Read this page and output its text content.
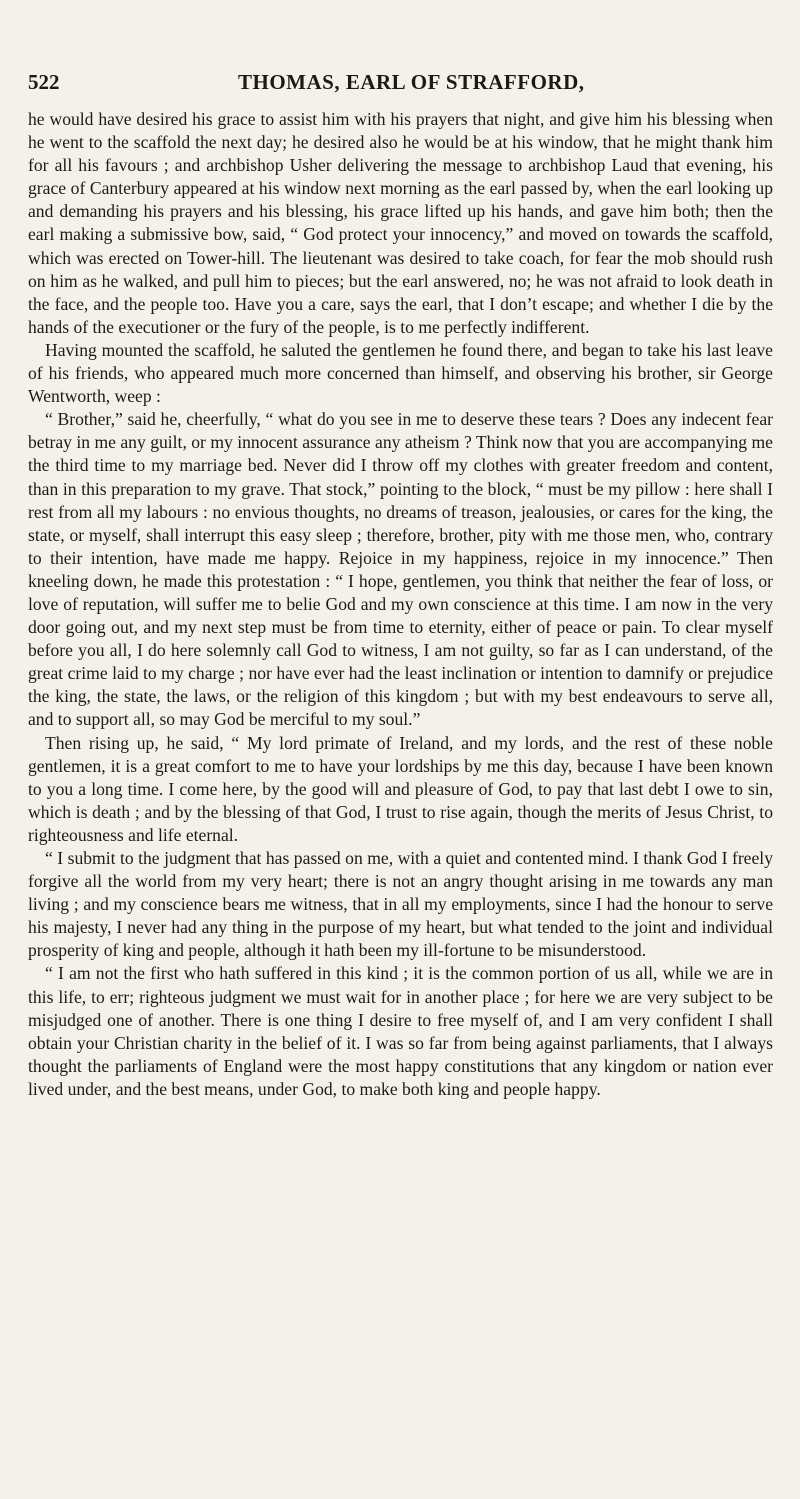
522	THOMAS, EARL OF STRAFFORD,

he would have desired his grace to assist him with his prayers that night, and give him his blessing when he went to the scaffold the next day; he desired also he would be at his window, that he might thank him for all his favours ; and archbishop Usher delivering the message to archbishop Laud that evening, his grace of Canterbury appeared at his window next morning as the earl passed by, when the earl looking up and demanding his prayers and his blessing, his grace lifted up his hands, and gave him both; then the earl making a submissive bow, said, “ God protect your innocency,” and moved on towards the scaffold, which was erected on Tower-hill. The lieutenant was desired to take coach, for fear the mob should rush on him as he walked, and pull him to pieces; but the earl answered, no; he was not afraid to look death in the face, and the people too. Have you a care, says the earl, that I don’t escape; and whether I die by the hands of the executioner or the fury of the people, is to me perfectly indifferent.

Having mounted the scaffold, he saluted the gentlemen he found there, and began to take his last leave of his friends, who appeared much more concerned than himself, and observing his brother, sir George Wentworth, weep :

“ Brother,” said he, cheerfully, “ what do you see in me to deserve these tears ? Does any indecent fear betray in me any guilt, or my innocent assurance any atheism ? Think now that you are accompanying me the third time to my marriage bed. Never did I throw off my clothes with greater freedom and content, than in this preparation to my grave. That stock,” pointing to the block, “ must be my pillow : here shall I rest from all my labours : no envious thoughts, no dreams of treason, jealousies, or cares for the king, the state, or myself, shall interrupt this easy sleep ; therefore, brother, pity with me those men, who, contrary to their intention, have made me happy. Rejoice in my happiness, rejoice in my innocence.” Then kneeling down, he made this protestation : “ I hope, gentlemen, you think that neither the fear of loss, or love of reputation, will suffer me to belie God and my own conscience at this time. I am now in the very door going out, and my next step must be from time to eternity, either of peace or pain. To clear myself before you all, I do here solemnly call God to witness, I am not guilty, so far as I can understand, of the great crime laid to my charge ; nor have ever had the least inclination or intention to damnify or prejudice the king, the state, the laws, or the religion of this kingdom ; but with my best endeavours to serve all, and to support all, so may God be merciful to my soul.”

Then rising up, he said, “ My lord primate of Ireland, and my lords, and the rest of these noble gentlemen, it is a great comfort to me to have your lordships by me this day, because I have been known to you a long time. I come here, by the good will and pleasure of God, to pay that last debt I owe to sin, which is death ; and by the blessing of that God, I trust to rise again, though the merits of Jesus Christ, to righteousness and life eternal.

“ I submit to the judgment that has passed on me, with a quiet and contented mind. I thank God I freely forgive all the world from my very heart; there is not an angry thought arising in me towards any man living ; and my conscience bears me witness, that in all my employments, since I had the honour to serve his majesty, I never had any thing in the purpose of my heart, but what tended to the joint and individual prosperity of king and people, although it hath been my ill-fortune to be misunderstood.

“ I am not the first who hath suffered in this kind ; it is the common portion of us all, while we are in this life, to err; righteous judgment we must wait for in another place ; for here we are very subject to be misjudged one of another. There is one thing I desire to free myself of, and I am very confident I shall obtain your Christian charity in the belief of it. I was so far from being against parliaments, that I always thought the parliaments of England were the most happy constitutions that any kingdom or nation ever lived under, and the best means, under God, to make both king and people happy.
